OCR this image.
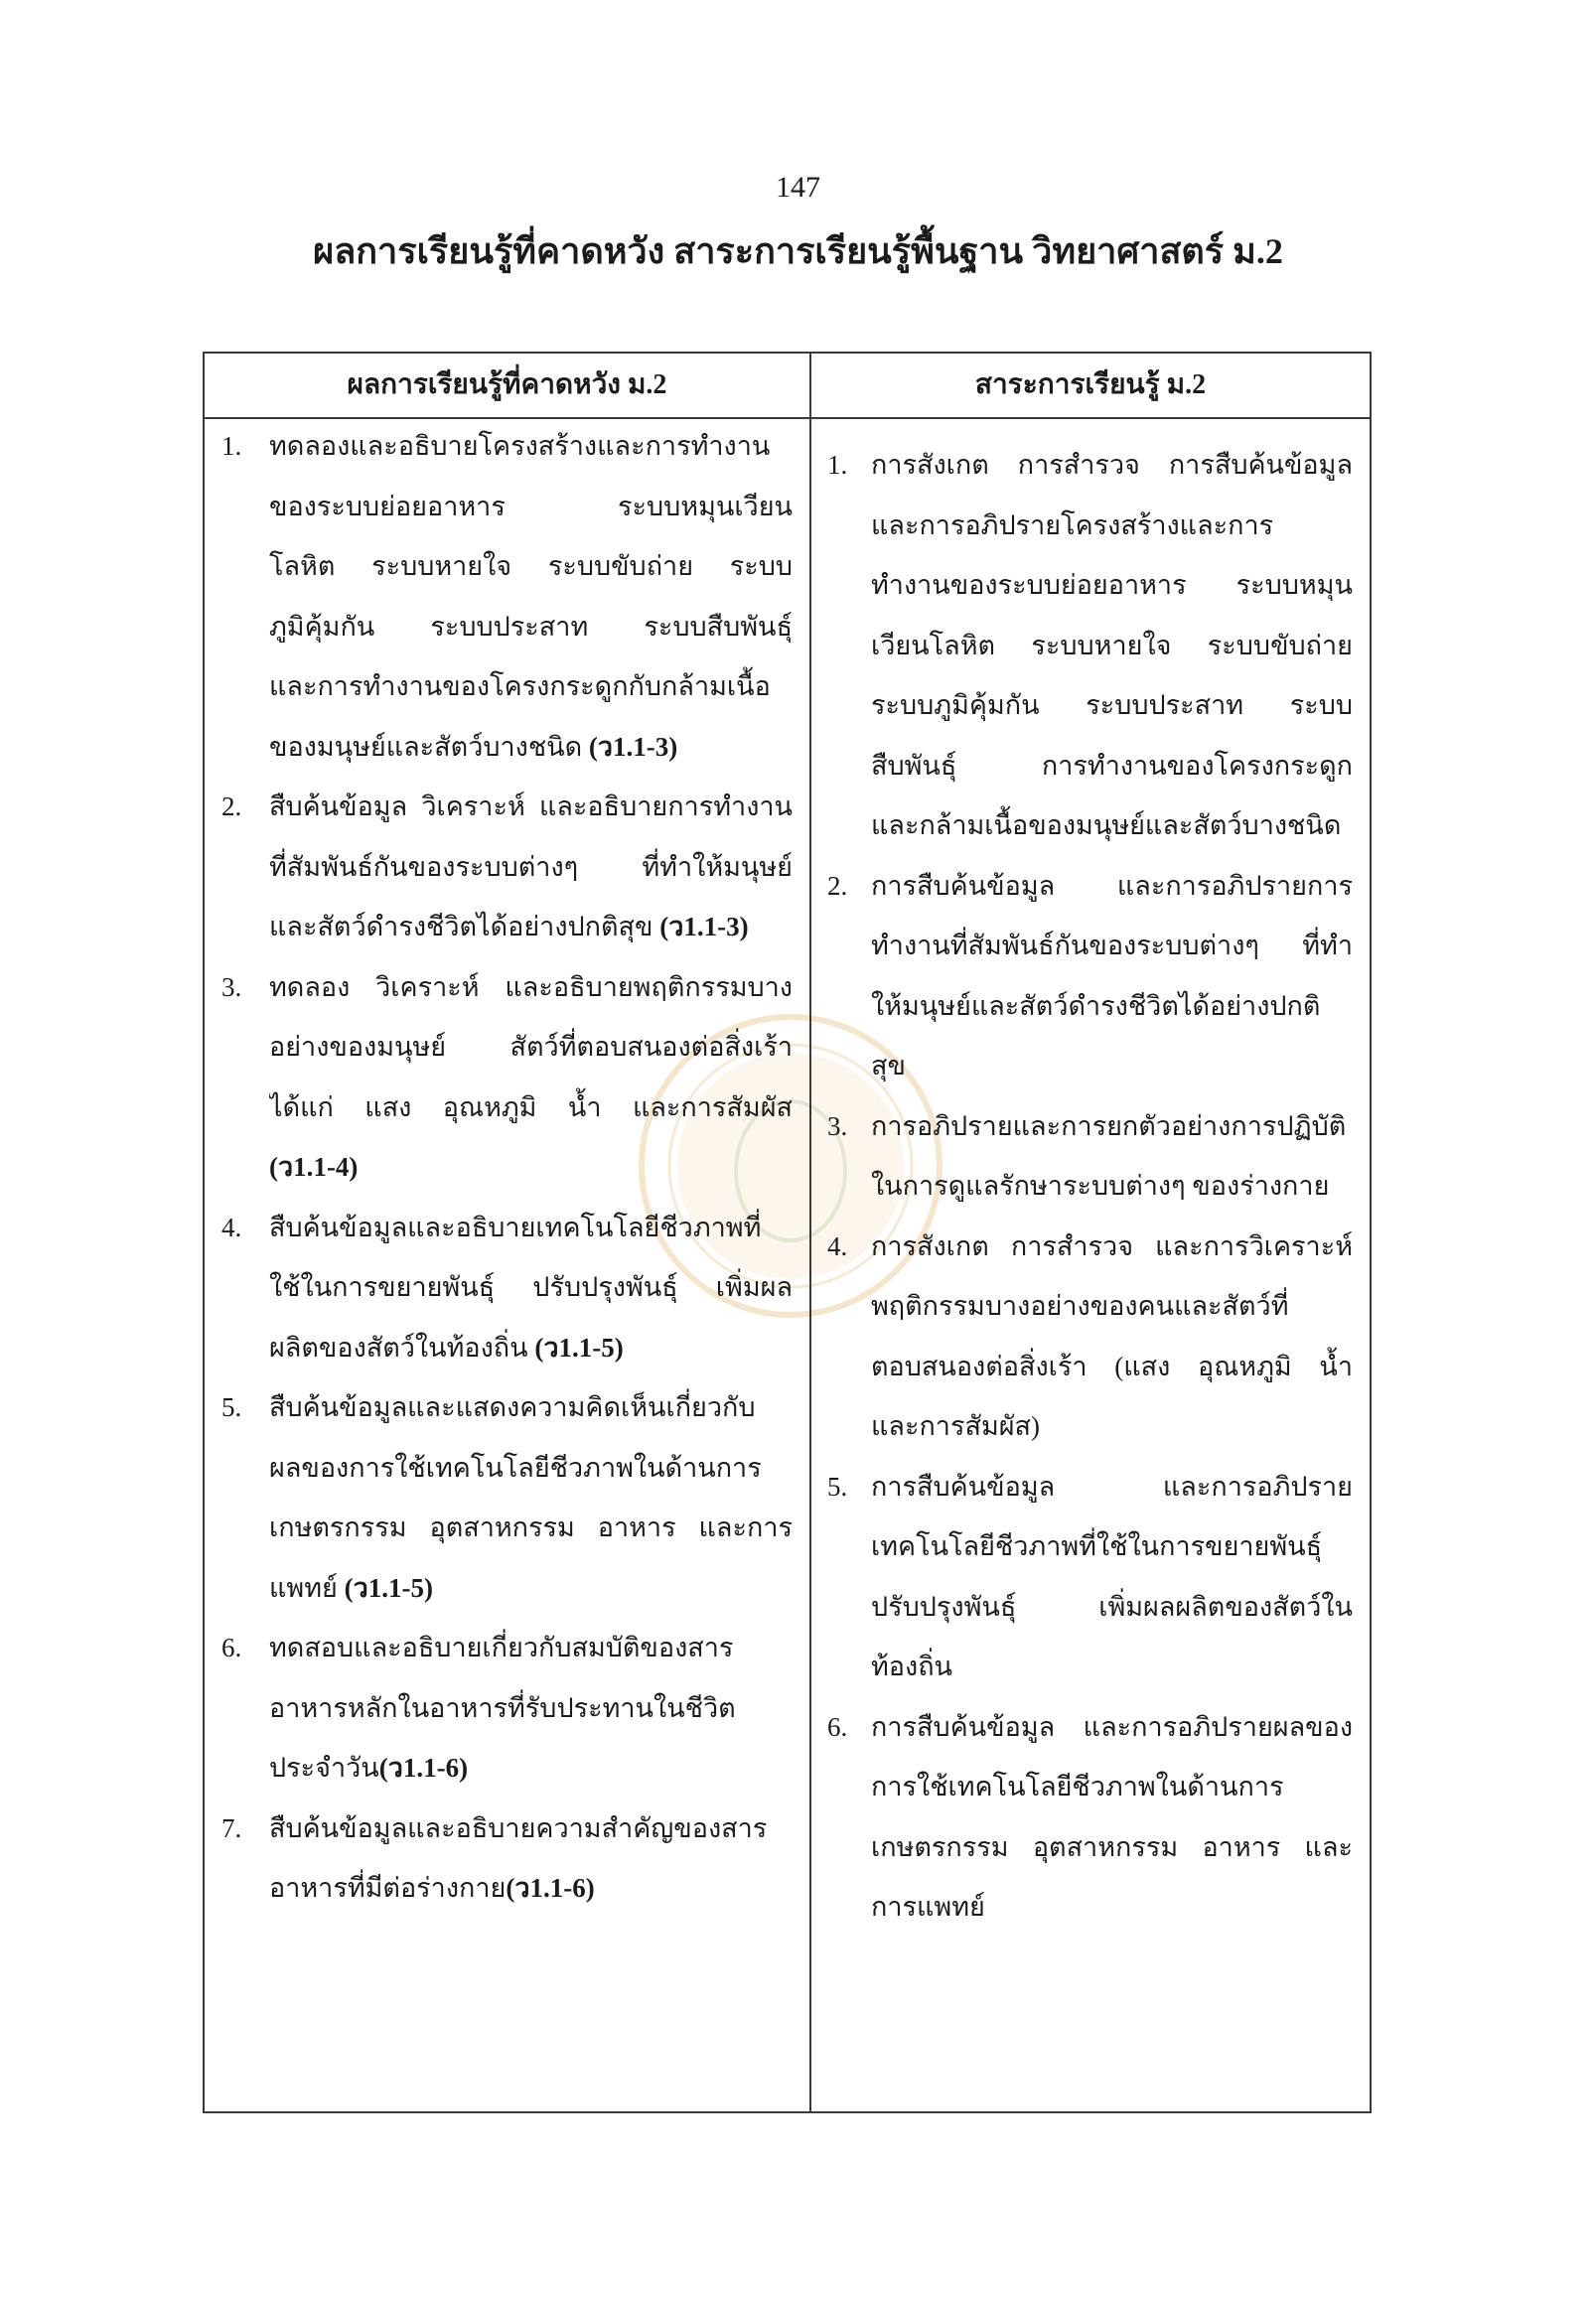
147
ผลการเรียนรู้ที่คาดหวัง สาระการเรียนรู้พื้นฐาน วิทยาศาสตร์ ม.2
ผลการเรียนรู้ที่คาดหวัง ม.2	สาระการเรียนรู้ ม.2
1. ทดลองและอธิบายโครงสร้างและการทำงาน
ของระบบย่อยอาหาร ระบบหมุนเวียน
โลหิต ระบบหายใจ ระบบขับถ่าย ระบบ
ภูมิคุ้มกัน ระบบประสาท ระบบสืบพันธุ์
และการทำงานของโครงกระดูกกับกล้ามเนื้อ
ของมนุษย์และสัตว์บางชนิด (ว1.1-3)
2. สืบค้นข้อมูล วิเคราะห์ และอธิบายการทำงาน
ที่สัมพันธ์กันของระบบต่างๆ ที่ทำให้มนุษย์
และสัตว์ดำรงชีวิตได้อย่างปกติสุข (ว1.1-3)
3. ทดลอง วิเคราะห์ และอธิบายพฤติกรรมบาง
อย่างของมนุษย์ สัตว์ที่ตอบสนองต่อสิ่งเร้า
ได้แก่ แสง อุณหภูมิ น้ำ และการสัมผัส
(ว1.1-4)
4. สืบค้นข้อมูลและอธิบายเทคโนโลยีชีวภาพที่
ใช้ในการขยายพันธุ์ ปรับปรุงพันธุ์ เพิ่มผล
ผลิตของสัตว์ในท้องถิ่น (ว1.1-5)
5. สืบค้นข้อมูลและแสดงความคิดเห็นเกี่ยวกับ
ผลของการใช้เทคโนโลยีชีวภาพในด้านการ
เกษตรกรรม อุตสาหกรรม อาหาร และการ
แพทย์ (ว1.1-5)
6. ทดสอบและอธิบายเกี่ยวกับสมบัติของสาร
อาหารหลักในอาหารที่รับประทานในชีวิต
ประจำวัน(ว1.1-6)
7. สืบค้นข้อมูลและอธิบายความสำคัญของสาร
อาหารที่มีต่อร่างกาย(ว1.1-6)
1. การสังเกต การสำรวจ การสืบค้นข้อมูล
และการอภิปรายโครงสร้างและการ
ทำงานของระบบย่อยอาหาร ระบบหมุน
เวียนโลหิต ระบบหายใจ ระบบขับถ่าย
ระบบภูมิคุ้มกัน ระบบประสาท ระบบ
สืบพันธุ์ การทำงานของโครงกระดูก
และกล้ามเนื้อของมนุษย์และสัตว์บางชนิด
2. การสืบค้นข้อมูล และการอภิปรายการ
ทำงานที่สัมพันธ์กันของระบบต่างๆ ที่ทำ
ให้มนุษย์และสัตว์ดำรงชีวิตได้อย่างปกติ
สุข
3. การอภิปรายและการยกตัวอย่างการปฏิบัติ
ในการดูแลรักษาระบบต่างๆ ของร่างกาย
4. การสังเกต การสำรวจ และการวิเคราะห์
พฤติกรรมบางอย่างของคนและสัตว์ที่
ตอบสนองต่อสิ่งเร้า (แสง อุณหภูมิ น้ำ
และการสัมผัส)
5. การสืบค้นข้อมูล และการอภิปราย
เทคโนโลยีชีวภาพที่ใช้ในการขยายพันธุ์
ปรับปรุงพันธุ์ เพิ่มผลผลิตของสัตว์ใน
ท้องถิ่น
6. การสืบค้นข้อมูล และการอภิปรายผลของ
การใช้เทคโนโลยีชีวภาพในด้านการ
เกษตรกรรม อุตสาหกรรม อาหาร และ
การแพทย์
